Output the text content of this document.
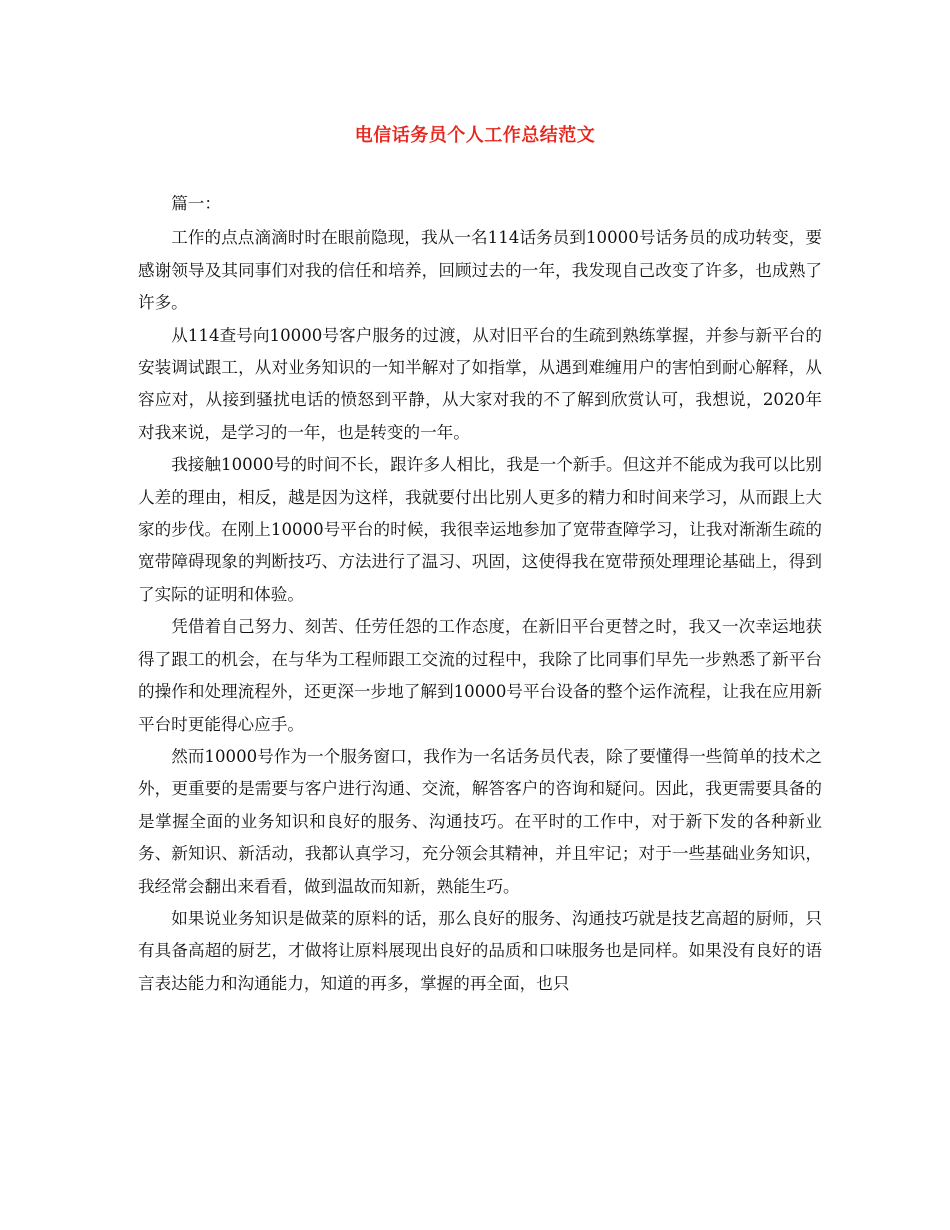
电信话务员个人工作总结范文

篇一：

工作的点点滴滴时时在眼前隐现，我从一名114话务员到10000号话务员的成功转变，要感谢领导及其同事们对我的信任和培养，回顾过去的一年，我发现自己改变了许多，也成熟了许多。

从114查号向10000号客户服务的过渡，从对旧平台的生疏到熟练掌握，并参与新平台的安装调试跟工，从对业务知识的一知半解对了如指掌，从遇到难缠用户的害怕到耐心解释，从容应对，从接到骚扰电话的愤怒到平静，从大家对我的不了解到欣赏认可，我想说，2020年对我来说，是学习的一年，也是转变的一年。

我接触10000号的时间不长，跟许多人相比，我是一个新手。但这并不能成为我可以比别人差的理由，相反，越是因为这样，我就要付出比别人更多的精力和时间来学习，从而跟上大家的步伐。在刚上10000号平台的时候，我很幸运地参加了宽带查障学习，让我对渐渐生疏的宽带障碍现象的判断技巧、方法进行了温习、巩固，这使得我在宽带预处理理论基础上，得到了实际的证明和体验。

凭借着自己努力、刻苦、任劳任怨的工作态度，在新旧平台更替之时，我又一次幸运地获得了跟工的机会，在与华为工程师跟工交流的过程中，我除了比同事们早先一步熟悉了新平台的操作和处理流程外，还更深一步地了解到10000号平台设备的整个运作流程，让我在应用新平台时更能得心应手。

然而10000号作为一个服务窗口，我作为一名话务员代表，除了要懂得一些简单的技术之外，更重要的是需要与客户进行沟通、交流，解答客户的咨询和疑问。因此，我更需要具备的是掌握全面的业务知识和良好的服务、沟通技巧。在平时的工作中，对于新下发的各种新业务、新知识、新活动，我都认真学习，充分领会其精神，并且牢记；对于一些基础业务知识，我经常会翻出来看看，做到温故而知新，熟能生巧。

如果说业务知识是做菜的原料的话，那么良好的服务、沟通技巧就是技艺高超的厨师，只有具备高超的厨艺，才做将让原料展现出良好的品质和口味服务也是同样。如果没有良好的语言表达能力和沟通能力，知道的再多，掌握的再全面，也只
